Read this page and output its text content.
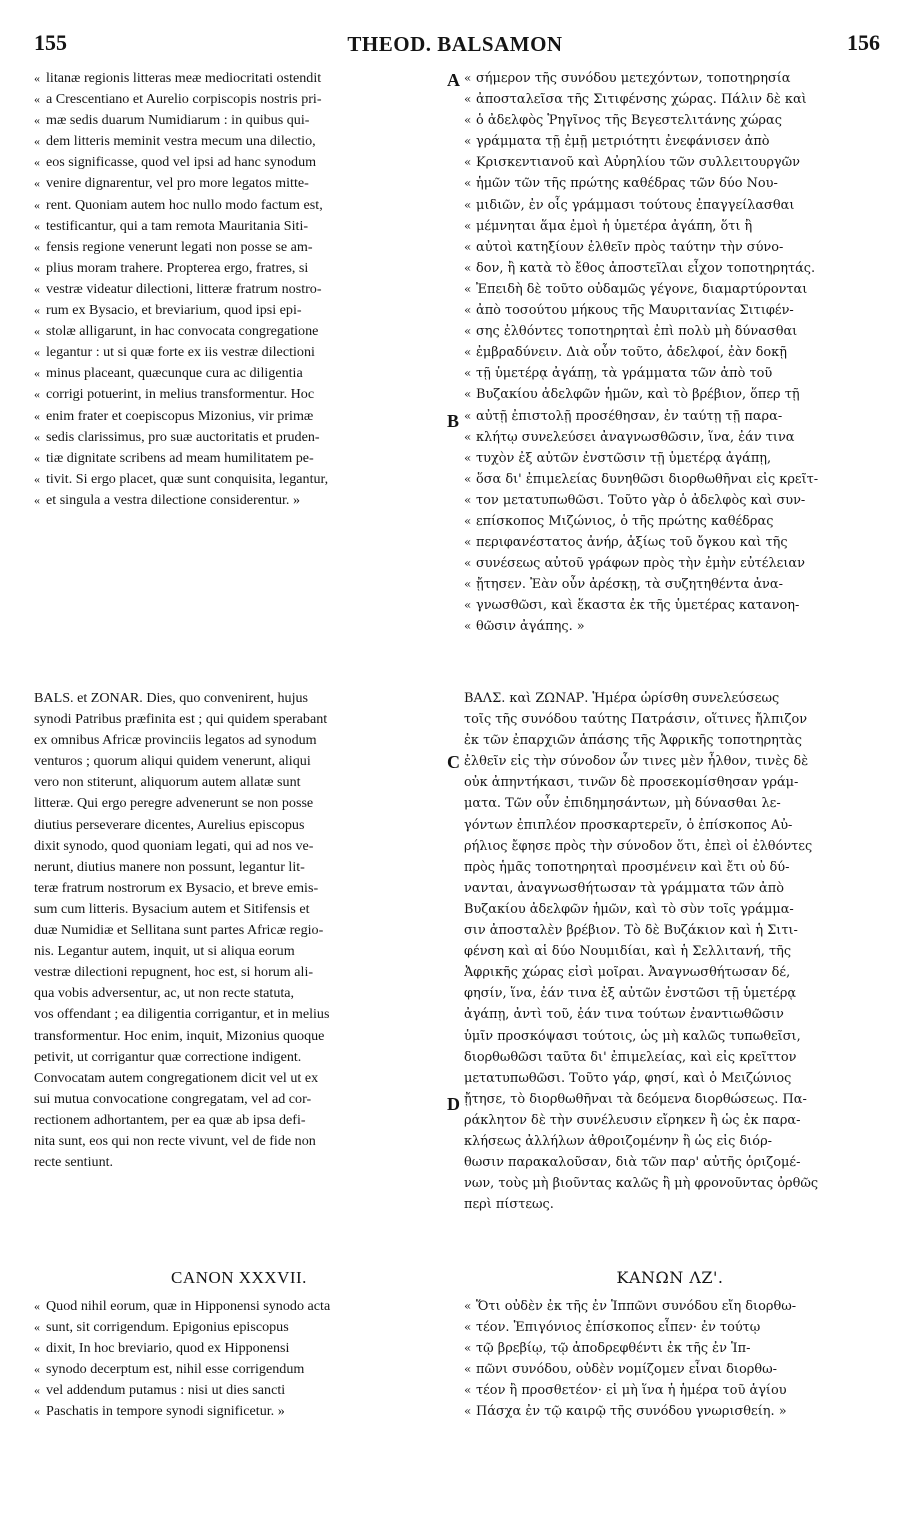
155	THEOD. BALSAMON	156
A
B
C
D
« litanæ regionis litteras meæ mediocritati ostendit
« a Crescentiano et Aurelio corpiscopis nostris pri-
« mæ sedis duarum Numidiarum : in quibus qui-
« dem litteris meminit vestra mecum una dilectio,
« eos significasse, quod vel ipsi ad hanc synodum
« venire dignarentur, vel pro more legatos mitte-
« rent. Quoniam autem hoc nullo modo factum est,
« testificantur, qui a tam remota Mauritania Siti-
« fensis regione venerunt legati non posse se am-
« plius moram trahere. Propterea ergo, fratres, si
« vestræ videatur dilectioni, litteræ fratrum nostro-
« rum ex Bysacio, et breviarium, quod ipsi epi-
« stolæ alligarunt, in hac convocata congregatione
« legantur : ut si quæ forte ex iis vestræ dilectioni
« minus placeant, quæcunque cura ac diligentia
« corrigi potuerint, in melius transformentur. Hoc
« enim frater et coepiscopus Mizonius, vir primæ
« sedis clarissimus, pro suæ auctoritatis et pruden-
« tiæ dignitate scribens ad meam humilitatem pe-
« tivit. Si ergo placet, quæ sunt conquisita, legantur,
« et singula a vestra dilectione considerentur. »
« σήμερον τῆς συνόδου μετεχόντων, τοποτηρησία
« ἀποσταλεῖσα τῆς Σιτιφένσης χώρας. Πάλιν δὲ καὶ
« ὁ ἀδελφὸς Ῥηγῖνος τῆς Βεγεστελιτάνης χώρας
« γράμματα τῇ ἐμῇ μετριότητι ἐνεφάνισεν ἀπὸ
« Κρισκεντιανοῦ καὶ Αὐρηλίου τῶν συλλειτουργῶν
« ἡμῶν τῶν τῆς πρώτης καθέδρας τῶν δύο Νου-
« μιδιῶν, ἐν οἷς γράμμασι τούτους ἐπαγγείλασθαι
« μέμνηται ἅμα ἐμοὶ ἡ ὑμετέρα ἀγάπη, ὅτι ἢ
« αὐτοὶ κατηξίουν ἐλθεῖν πρὸς ταύτην τὴν σύνο-
« δον, ἢ κατὰ τὸ ἔθος ἀποστεῖλαι εἶχον τοποτηρητάς.
« Ἐπειδὴ δὲ τοῦτο οὐδαμῶς γέγονε, διαμαρτύρονται
« ἀπὸ τοσούτου μήκους τῆς Μαυριτανίας Σιτιφέν-
« σης ἐλθόντες τοποτηρηταὶ ἐπὶ πολὺ μὴ δύνασθαι
« ἐμβραδύνειν. Διὰ οὖν τοῦτο, ἀδελφοί, ἐὰν δοκῇ
« τῇ ὑμετέρᾳ ἀγάπῃ, τὰ γράμματα τῶν ἀπὸ τοῦ
« Βυζακίου ἀδελφῶν ἡμῶν, καὶ τὸ βρέβιον, ὅπερ τῇ
« αὐτῇ ἐπιστολῇ προσέθησαν, ἐν ταύτῃ τῇ παρα-
« κλήτῳ συνελεύσει ἀναγνωσθῶσιν, ἵνα, ἐάν τινα
« τυχὸν ἐξ αὐτῶν ἐνστῶσιν τῇ ὑμετέρᾳ ἀγάπῃ,
« ὅσα δι' ἐπιμελείας δυνηθῶσι διορθωθῆναι εἰς κρεῖτ-
« τον μετατυπωθῶσι. Τοῦτο γὰρ ὁ ἀδελφὸς καὶ συν-
« επίσκοπος Μιζώνιος, ὁ τῆς πρώτης καθέδρας
« περιφανέστατος ἀνήρ, ἀξίως τοῦ ὄγκου καὶ τῆς
« συνέσεως αὐτοῦ γράφων πρὸς τὴν ἐμὴν εὐτέλειαν
« ᾔτησεν. Ἐὰν οὖν ἀρέσκῃ, τὰ συζητηθέντα ἀνα-
« γνωσθῶσι, καὶ ἕκαστα ἐκ τῆς ὑμετέρας κατανοη-
« θῶσιν ἀγάπης. »
BALS. et ZONAR. Dies, quo convenirent, hujus
synodi Patribus præfinita est ; qui quidem sperabant
ex omnibus Africæ provinciis legatos ad synodum
venturos ; quorum aliqui quidem venerunt, aliqui
vero non stiterunt, aliquorum autem allatæ sunt
litteræ. Qui ergo peregre advenerunt se non posse
diutius perseverare dicentes, Aurelius episcopus
dixit synodo, quod quoniam legati, qui ad nos ve-
nerunt, diutius manere non possunt, legantur lit-
teræ fratrum nostrorum ex Bysacio, et breve emis-
sum cum litteris. Bysacium autem et Sitifensis et
duæ Numidiæ et Sellitana sunt partes Africæ regio-
nis. Legantur autem, inquit, ut si aliqua eorum
vestræ dilectioni repugnent, hoc est, si horum ali-
qua vobis adversentur, ac, ut non recte statuta,
vos offendant ; ea diligentia corrigantur, et in melius
transformentur. Hoc enim, inquit, Mizonius quoque
petivit, ut corrigantur quæ correctione indigent.
Convocatam autem congregationem dicit vel ut ex
sui mutua convocatione congregatam, vel ad cor-
rectionem adhortantem, per ea quæ ab ipsa defi-
nita sunt, eos qui non recte vivunt, vel de fide non
recte sentiunt.
ΒΑΛΣ. καὶ ΖΩΝΑΡ. Ἡμέρα ὡρίσθη συνελεύσεως
τοῖς τῆς συνόδου ταύτης Πατράσιν, οἵτινες ἤλπιζον
ἐκ τῶν ἐπαρχιῶν ἁπάσης τῆς Ἀφρικῆς τοποτηρητὰς
ἐλθεῖν εἰς τὴν σύνοδον ὧν τινες μὲν ἦλθον, τινὲς δὲ
οὐκ ἀπηντήκασι, τινῶν δὲ προσεκομίσθησαν γράμ-
ματα. Τῶν οὖν ἐπιδημησάντων, μὴ δύνασθαι λε-
γόντων ἐπιπλέον προσκαρτερεῖν, ὁ ἐπίσκοπος Αὐ-
ρήλιος ἔφησε πρὸς τὴν σύνοδον ὅτι, ἐπεὶ οἱ ἐλθόντες
πρὸς ἡμᾶς τοποτηρηταὶ προσμένειν καὶ ἔτι οὐ δύ-
νανται, ἀναγνωσθήτωσαν τὰ γράμματα τῶν ἀπὸ
Βυζακίου ἀδελφῶν ἡμῶν, καὶ τὸ σὺν τοῖς γράμμα-
σιν ἀποσταλὲν βρέβιον. Τὸ δὲ Βυζάκιον καὶ ἡ Σιτι-
φένση καὶ αἱ δύο Νουμιδίαι, καὶ ἡ Σελλιτανή, τῆς
Ἀφρικῆς χώρας εἰσὶ μοῖραι. Ἀναγνωσθήτωσαν δέ,
φησίν, ἵνα, ἐάν τινα ἐξ αὐτῶν ἐνστῶσι τῇ ὑμετέρᾳ
ἀγάπῃ, ἀντὶ τοῦ, ἐάν τινα τούτων ἐναντιωθῶσιν
ὑμῖν προσκόψασι τούτοις, ὡς μὴ καλῶς τυπωθεῖσι,
διορθωθῶσι ταῦτα δι' ἐπιμελείας, καὶ εἰς κρεῖττον
μετατυπωθῶσι. Τοῦτο γάρ, φησί, καὶ ὁ Μειζώνιος
ᾔτησε, τὸ διορθωθῆναι τὰ δεόμενα διορθώσεως. Πα-
ράκλητον δὲ τὴν συνέλευσιν εἴρηκεν ἢ ὡς ἐκ παρα-
κλήσεως ἀλλήλων ἀθροιζομένην ἢ ὡς εἰς διόρ-
θωσιν παρακαλοῦσαν, διὰ τῶν παρ' αὐτῆς ὁριζομέ-
νων, τοὺς μὴ βιοῦντας καλῶς ἢ μὴ φρονοῦντας ὀρθῶς
περὶ πίστεως.
CANON XXXVII.	ΚΑΝΩΝ ΛΖ'.
« Quod nihil eorum, quæ in Hipponensi synodo acta
« sunt, sit corrigendum. Epigonius episcopus
« dixit, In hoc breviario, quod ex Hipponensi
« synodo decerptum est, nihil esse corrigendum
« vel addendum putamus : nisi ut dies sancti
« Paschatis in tempore synodi significetur. »
« Ὅτι οὐδὲν ἐκ τῆς ἐν Ἱππῶνι συνόδου εἴη διορθω-
« τέον. Ἐπιγόνιος ἐπίσκοπος εἶπεν· ἐν τούτῳ
« τῷ βρεβίῳ, τῷ ἀποδρεφθέντι ἐκ τῆς ἐν Ἱπ-
« πῶνι συνόδου, οὐδὲν νομίζομεν εἶναι διορθω-
« τέον ἢ προσθετέον· εἰ μὴ ἵνα ἡ ἡμέρα τοῦ ἁγίου
« Πάσχα ἐν τῷ καιρῷ τῆς συνόδου γνωρισθείη. »
